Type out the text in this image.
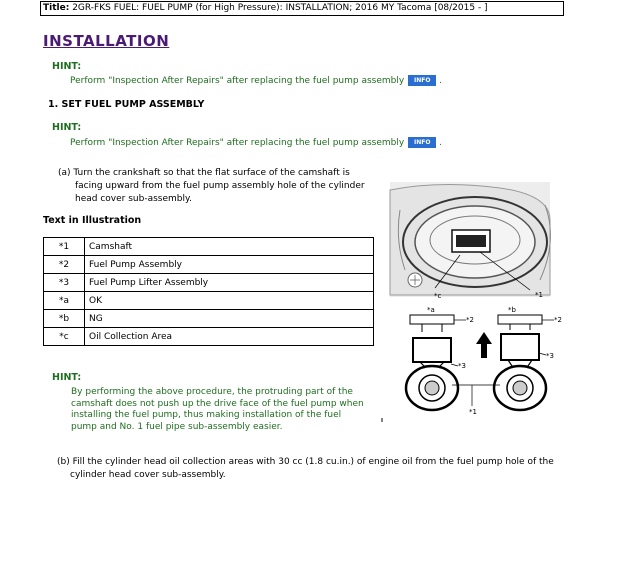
Title: 2GR-FKS FUEL: FUEL PUMP (for High Pressure): INSTALLATION; 2016 MY Tacoma [08/2015 - ]
INSTALLATION
HINT:
Perform "Inspection After Repairs" after replacing the fuel pump assembly INFO .
1. SET FUEL PUMP ASSEMBLY
HINT:
Perform "Inspection After Repairs" after replacing the fuel pump assembly INFO .
(a) Turn the crankshaft so that the flat surface of the camshaft is
facing upward from the fuel pump assembly hole of the cylinder
head cover sub-assembly.
Text in Illustration
*1	Camshaft
*2	Fuel Pump Assembly
*3	Fuel Pump Lifter Assembly
*a	OK
*b	NG
*c	Oil Collection Area
HINT:
By performing the above procedure, the protruding part of the
camshaft does not push up the drive face of the fuel pump when
installing the fuel pump, thus making installation of the fuel
pump and No. 1 fuel pipe sub-assembly easier.
*c	*1
*a	*b
*2	*2
*3
*3
*1
(b) Fill the cylinder head oil collection areas with 30 cc (1.8 cu.in.) of engine oil from the fuel pump hole of the
cylinder head cover sub-assembly.
